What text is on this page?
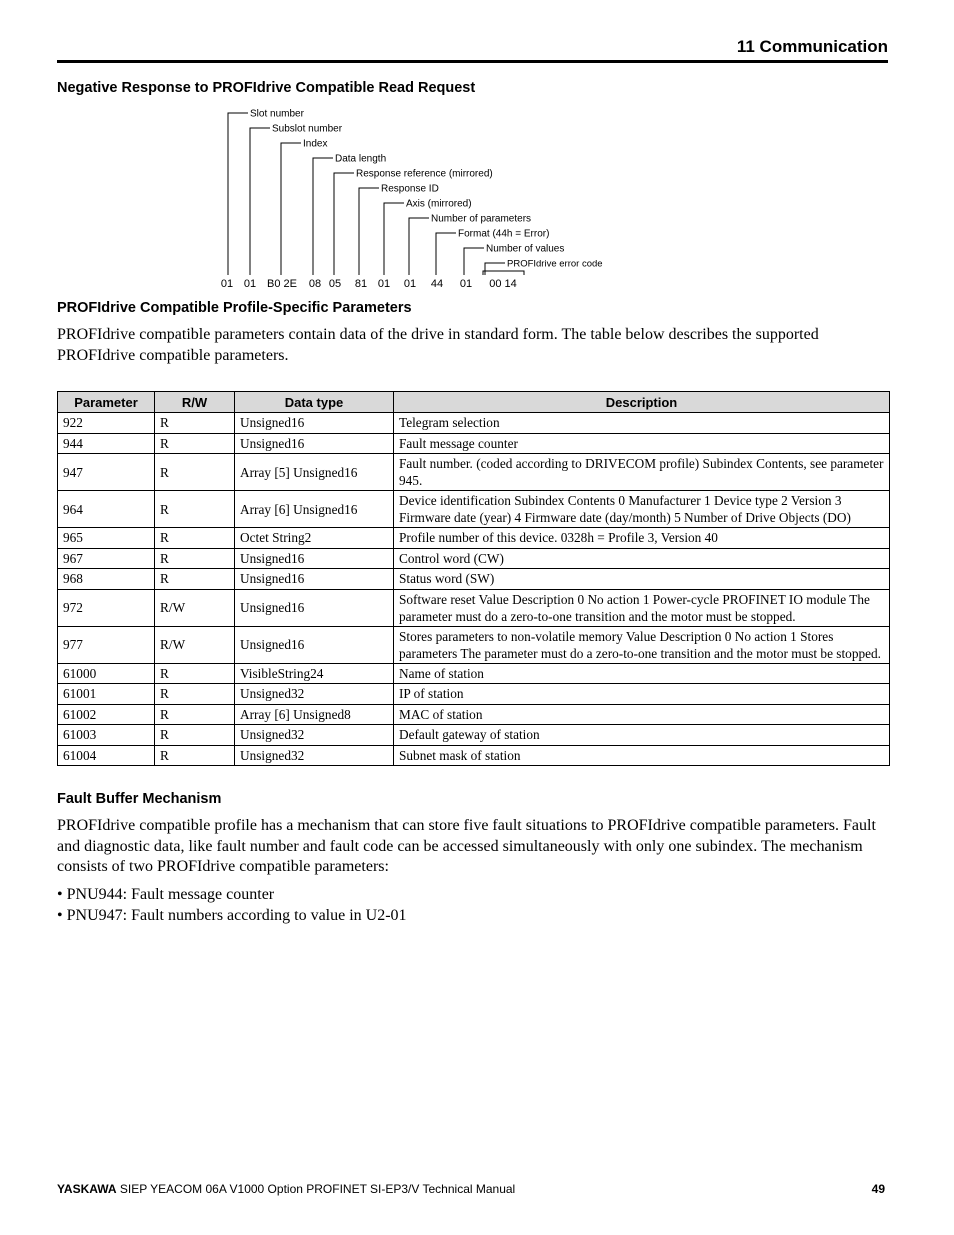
11 Communication
Negative Response to PROFIdrive Compatible Read Request
Slot number
Subslot number
Index
Data length
Response reference (mirrored)
Response ID
Axis (mirrored)
Number of parameters
Format (44h = Error)
Number of values
PROFIdrive error code
01 01 B0 2E 08 05 81 01 01 44 01 00 14
PROFIdrive Compatible Profile-Specific Parameters
PROFIdrive compatible parameters contain data of the drive in standard form. The table below describes the supported PROFIdrive compatible parameters.
Parameter	R/W	Data type	Description
922	R	Unsigned16	Telegram selection
944	R	Unsigned16	Fault message counter
947	R	Array [5] Unsigned16	Fault number. (coded according to DRIVECOM profile) Subindex Contents, see parameter 945.
964	R	Array [6] Unsigned16	Device identification Subindex Contents 0 Manufacturer 1 Device type 2 Version 3 Firmware date (year) 4 Firmware date (day/month) 5 Number of Drive Objects (DO)
965	R	Octet String2	Profile number of this device. 0328h = Profile 3, Version 40
967	R	Unsigned16	Control word (CW)
968	R	Unsigned16	Status word (SW)
972	R/W	Unsigned16	Software reset Value Description 0 No action 1 Power-cycle PROFINET IO module The parameter must do a zero-to-one transition and the motor must be stopped.
977	R/W	Unsigned16	Stores parameters to non-volatile memory Value Description 0 No action 1 Stores parameters The parameter must do a zero-to-one transition and the motor must be stopped.
61000	R	VisibleString24	Name of station
61001	R	Unsigned32	IP of station
61002	R	Array [6] Unsigned8	MAC of station
61003	R	Unsigned32	Default gateway of station
61004	R	Unsigned32	Subnet mask of station
Fault Buffer Mechanism
PROFIdrive compatible profile has a mechanism that can store five fault situations to PROFIdrive compatible parameters. Fault and diagnostic data, like fault number and fault code can be accessed simultaneously with only one subindex. The mechanism consists of two PROFIdrive compatible parameters:
• PNU944: Fault message counter
• PNU947: Fault numbers according to value in U2-01
YASKAWA SIEP YEACOM 06A V1000 Option PROFINET SI-EP3/V Technical Manual	49
